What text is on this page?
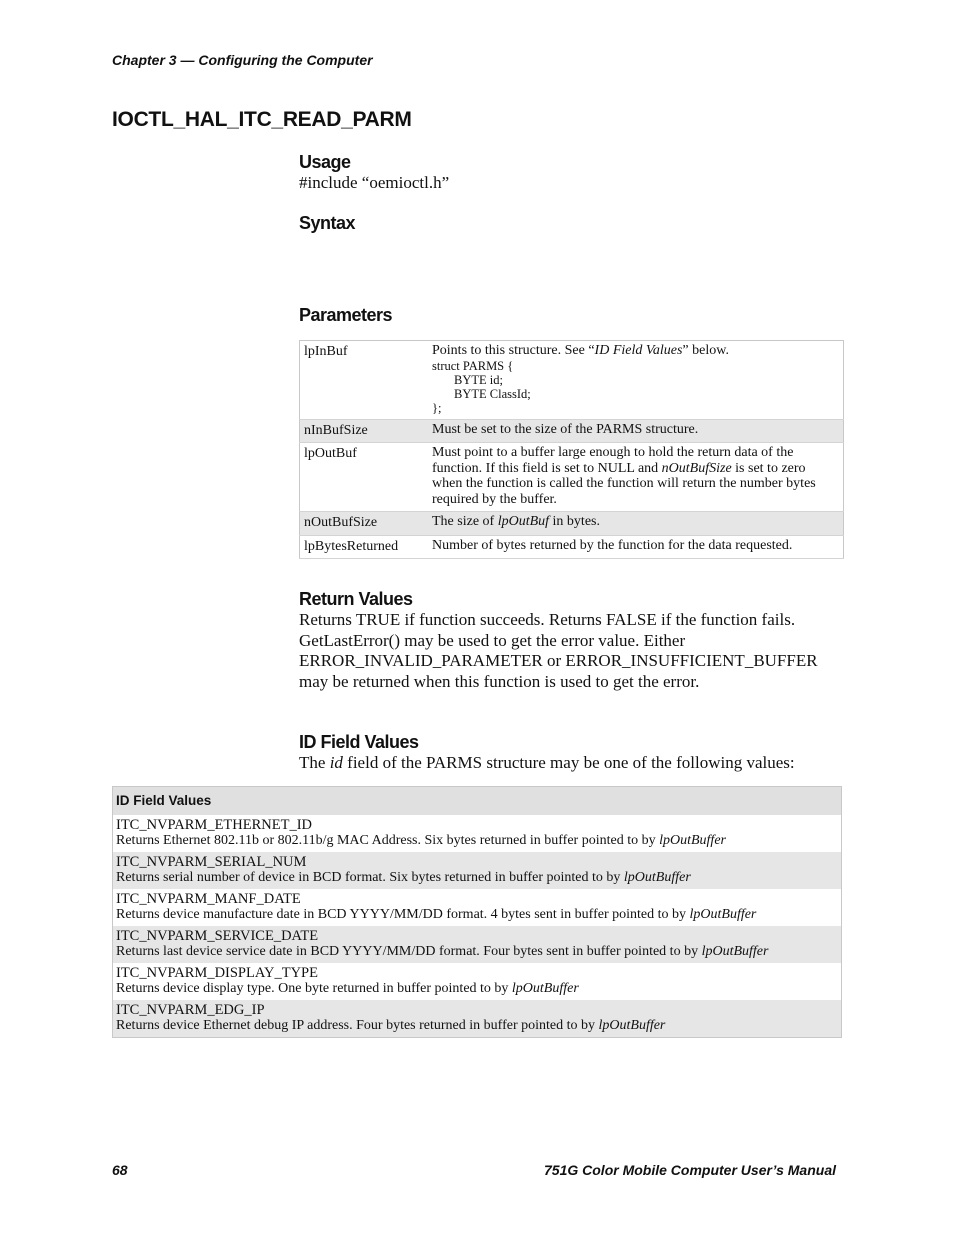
Chapter 3 — Configuring the Computer
IOCTL_HAL_ITC_READ_PARM
Usage
#include “oemioctl.h”
Syntax
Parameters
lpInBuf	Points to this structure. See “ID Field Values” below.
struct PARMS {
BYTE id;
BYTE ClassId;
};

nInBufSize	Must be set to the size of the PARMS structure.
lpOutBuf	Must point to a buffer large enough to hold the return data of the function. If this field is set to NULL and nOutBufSize is set to zero when the function is called the function will return the number bytes required by the buffer.
nOutBufSize	The size of lpOutBuf in bytes.
lpBytesReturned	Number of bytes returned by the function for the data requested.
Return Values
Returns TRUE if function succeeds. Returns FALSE if the function fails. GetLastError() may be used to get the error value. Either ERROR_INVALID_PARAMETER or ERROR_INSUFFICIENT_BUFFER may be returned when this function is used to get the error.
ID Field Values
The id field of the PARMS structure may be one of the following values:
ID Field Values
ITC_NVPARM_ETHERNET_ID
Returns Ethernet 802.11b or 802.11b/g MAC Address. Six bytes returned in buffer pointed to by lpOutBuffer
ITC_NVPARM_SERIAL_NUM
Returns serial number of device in BCD format. Six bytes returned in buffer pointed to by lpOutBuffer
ITC_NVPARM_MANF_DATE
Returns device manufacture date in BCD YYYY/MM/DD format. 4 bytes sent in buffer pointed to by lpOutBuffer
ITC_NVPARM_SERVICE_DATE
Returns last device service date in BCD YYYY/MM/DD format. Four bytes sent in buffer pointed to by lpOutBuffer
ITC_NVPARM_DISPLAY_TYPE
Returns device display type. One byte returned in buffer pointed to by lpOutBuffer
ITC_NVPARM_EDG_IP
Returns device Ethernet debug IP address. Four bytes returned in buffer pointed to by lpOutBuffer
68	751G Color Mobile Computer User’s Manual
